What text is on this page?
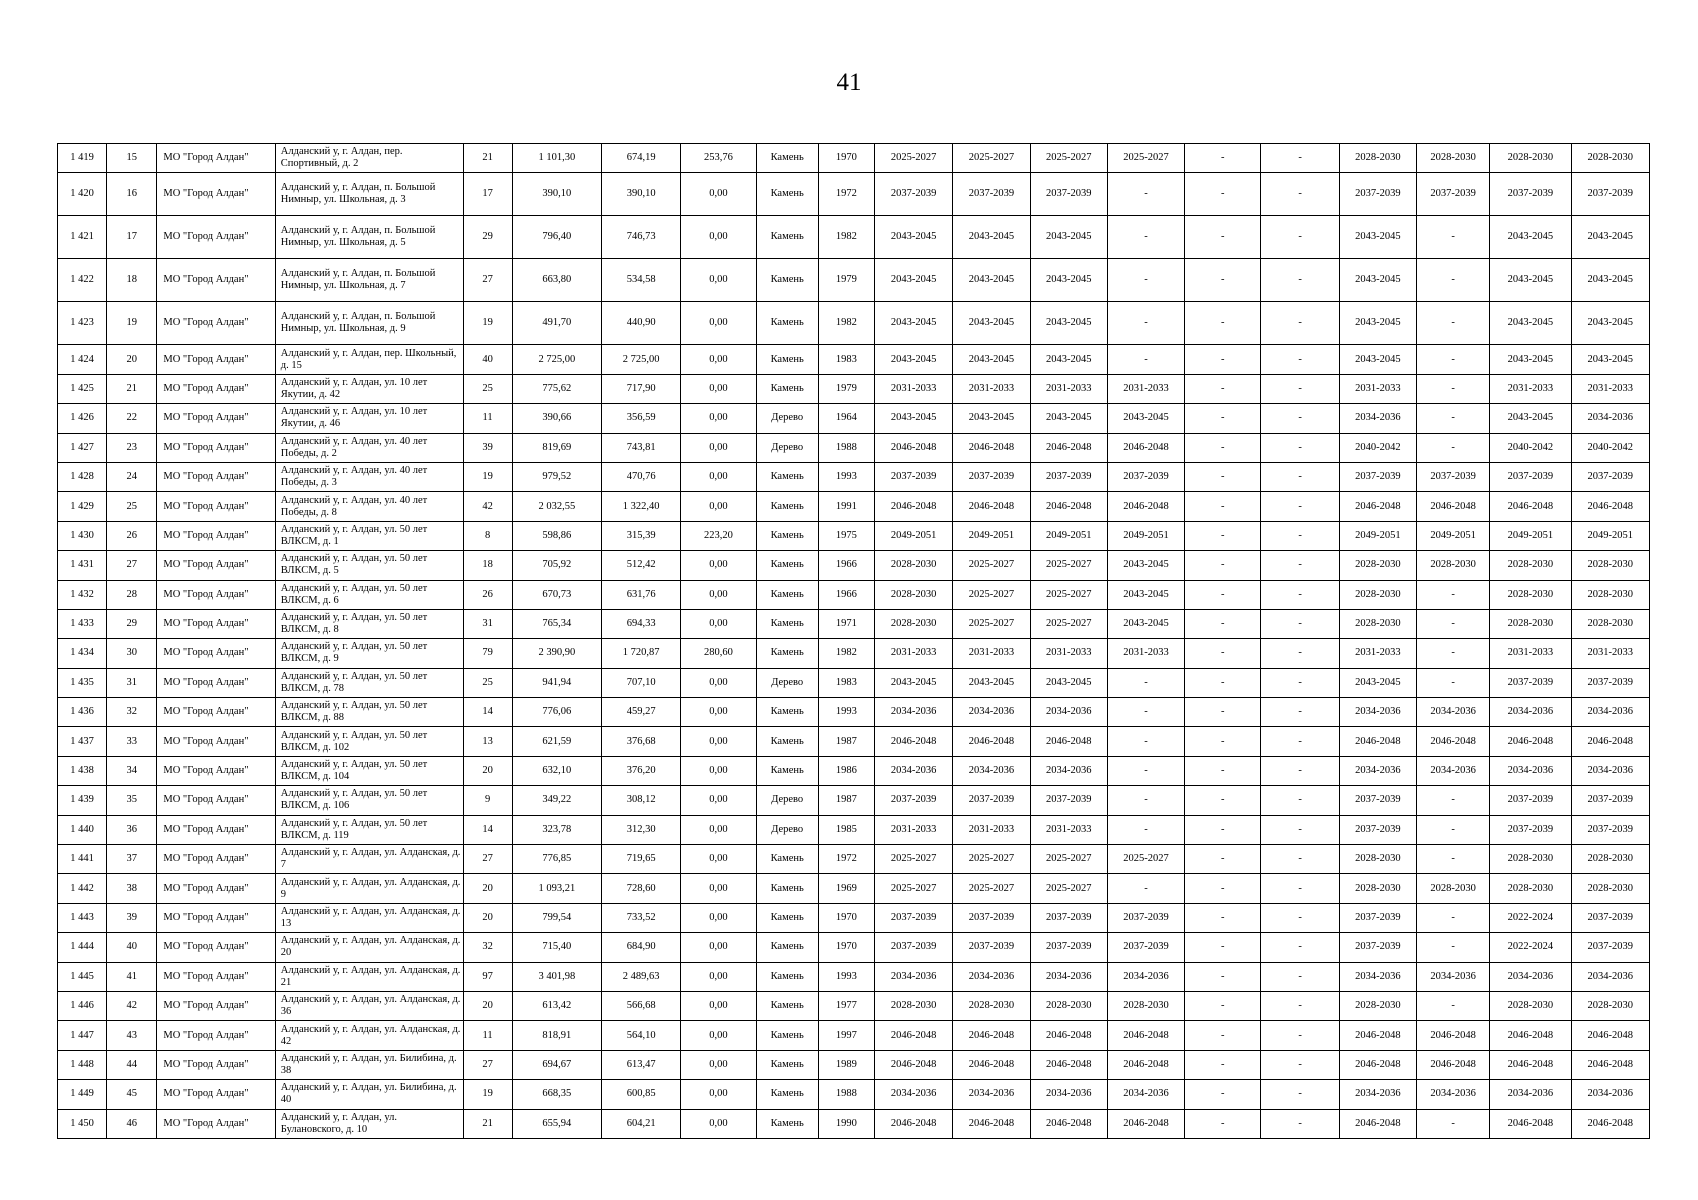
41
1 419	15	МО "Город Алдан"	Алданский у, г. Алдан, пер. Спортивный, д. 2	21	1 101,30	674,19	253,76	Камень	1970	2025-2027	2025-2027	2025-2027	2025-2027	-	-	2028-2030	2028-2030	2028-2030	2028-2030
1 420	16	МО "Город Алдан"	Алданский у, г. Алдан, п. Большой Нимныр, ул. Школьная, д. 3	17	390,10	390,10	0,00	Камень	1972	2037-2039	2037-2039	2037-2039	-	-	-	2037-2039	2037-2039	2037-2039	2037-2039
1 421	17	МО "Город Алдан"	Алданский у, г. Алдан, п. Большой Нимныр, ул. Школьная, д. 5	29	796,40	746,73	0,00	Камень	1982	2043-2045	2043-2045	2043-2045	-	-	-	2043-2045	-	2043-2045	2043-2045
1 422	18	МО "Город Алдан"	Алданский у, г. Алдан, п. Большой Нимныр, ул. Школьная, д. 7	27	663,80	534,58	0,00	Камень	1979	2043-2045	2043-2045	2043-2045	-	-	-	2043-2045	-	2043-2045	2043-2045
1 423	19	МО "Город Алдан"	Алданский у, г. Алдан, п. Большой Нимныр, ул. Школьная, д. 9	19	491,70	440,90	0,00	Камень	1982	2043-2045	2043-2045	2043-2045	-	-	-	2043-2045	-	2043-2045	2043-2045
1 424	20	МО "Город Алдан"	Алданский у, г. Алдан, пер. Школьный, д. 15	40	2 725,00	2 725,00	0,00	Камень	1983	2043-2045	2043-2045	2043-2045	-	-	-	2043-2045	-	2043-2045	2043-2045
1 425	21	МО "Город Алдан"	Алданский у, г. Алдан, ул. 10 лет Якутии, д. 42	25	775,62	717,90	0,00	Камень	1979	2031-2033	2031-2033	2031-2033	2031-2033	-	-	2031-2033	-	2031-2033	2031-2033
1 426	22	МО "Город Алдан"	Алданский у, г. Алдан, ул. 10 лет Якутии, д. 46	11	390,66	356,59	0,00	Дерево	1964	2043-2045	2043-2045	2043-2045	2043-2045	-	-	2034-2036	-	2043-2045	2034-2036
1 427	23	МО "Город Алдан"	Алданский у, г. Алдан, ул. 40 лет Победы, д. 2	39	819,69	743,81	0,00	Дерево	1988	2046-2048	2046-2048	2046-2048	2046-2048	-	-	2040-2042	-	2040-2042	2040-2042
1 428	24	МО "Город Алдан"	Алданский у, г. Алдан, ул. 40 лет Победы, д. 3	19	979,52	470,76	0,00	Камень	1993	2037-2039	2037-2039	2037-2039	2037-2039	-	-	2037-2039	2037-2039	2037-2039	2037-2039
1 429	25	МО "Город Алдан"	Алданский у, г. Алдан, ул. 40 лет Победы, д. 8	42	2 032,55	1 322,40	0,00	Камень	1991	2046-2048	2046-2048	2046-2048	2046-2048	-	-	2046-2048	2046-2048	2046-2048	2046-2048
1 430	26	МО "Город Алдан"	Алданский у, г. Алдан, ул. 50 лет ВЛКСМ, д. 1	8	598,86	315,39	223,20	Камень	1975	2049-2051	2049-2051	2049-2051	2049-2051	-	-	2049-2051	2049-2051	2049-2051	2049-2051
1 431	27	МО "Город Алдан"	Алданский у, г. Алдан, ул. 50 лет ВЛКСМ, д. 5	18	705,92	512,42	0,00	Камень	1966	2028-2030	2025-2027	2025-2027	2043-2045	-	-	2028-2030	2028-2030	2028-2030	2028-2030
1 432	28	МО "Город Алдан"	Алданский у, г. Алдан, ул. 50 лет ВЛКСМ, д. 6	26	670,73	631,76	0,00	Камень	1966	2028-2030	2025-2027	2025-2027	2043-2045	-	-	2028-2030	-	2028-2030	2028-2030
1 433	29	МО "Город Алдан"	Алданский у, г. Алдан, ул. 50 лет ВЛКСМ, д. 8	31	765,34	694,33	0,00	Камень	1971	2028-2030	2025-2027	2025-2027	2043-2045	-	-	2028-2030	-	2028-2030	2028-2030
1 434	30	МО "Город Алдан"	Алданский у, г. Алдан, ул. 50 лет ВЛКСМ, д. 9	79	2 390,90	1 720,87	280,60	Камень	1982	2031-2033	2031-2033	2031-2033	2031-2033	-	-	2031-2033	-	2031-2033	2031-2033
1 435	31	МО "Город Алдан"	Алданский у, г. Алдан, ул. 50 лет ВЛКСМ, д. 78	25	941,94	707,10	0,00	Дерево	1983	2043-2045	2043-2045	2043-2045	-	-	-	2043-2045	-	2037-2039	2037-2039
1 436	32	МО "Город Алдан"	Алданский у, г. Алдан, ул. 50 лет ВЛКСМ, д. 88	14	776,06	459,27	0,00	Камень	1993	2034-2036	2034-2036	2034-2036	-	-	-	2034-2036	2034-2036	2034-2036	2034-2036
1 437	33	МО "Город Алдан"	Алданский у, г. Алдан, ул. 50 лет ВЛКСМ, д. 102	13	621,59	376,68	0,00	Камень	1987	2046-2048	2046-2048	2046-2048	-	-	-	2046-2048	2046-2048	2046-2048	2046-2048
1 438	34	МО "Город Алдан"	Алданский у, г. Алдан, ул. 50 лет ВЛКСМ, д. 104	20	632,10	376,20	0,00	Камень	1986	2034-2036	2034-2036	2034-2036	-	-	-	2034-2036	2034-2036	2034-2036	2034-2036
1 439	35	МО "Город Алдан"	Алданский у, г. Алдан, ул. 50 лет ВЛКСМ, д. 106	9	349,22	308,12	0,00	Дерево	1987	2037-2039	2037-2039	2037-2039	-	-	-	2037-2039	-	2037-2039	2037-2039
1 440	36	МО "Город Алдан"	Алданский у, г. Алдан, ул. 50 лет ВЛКСМ, д. 119	14	323,78	312,30	0,00	Дерево	1985	2031-2033	2031-2033	2031-2033	-	-	-	2037-2039	-	2037-2039	2037-2039
1 441	37	МО "Город Алдан"	Алданский у, г. Алдан, ул. Алданская, д. 7	27	776,85	719,65	0,00	Камень	1972	2025-2027	2025-2027	2025-2027	2025-2027	-	-	2028-2030	-	2028-2030	2028-2030
1 442	38	МО "Город Алдан"	Алданский у, г. Алдан, ул. Алданская, д. 9	20	1 093,21	728,60	0,00	Камень	1969	2025-2027	2025-2027	2025-2027	-	-	-	2028-2030	2028-2030	2028-2030	2028-2030
1 443	39	МО "Город Алдан"	Алданский у, г. Алдан, ул. Алданская, д. 13	20	799,54	733,52	0,00	Камень	1970	2037-2039	2037-2039	2037-2039	2037-2039	-	-	2037-2039	-	2022-2024	2037-2039
1 444	40	МО "Город Алдан"	Алданский у, г. Алдан, ул. Алданская, д. 20	32	715,40	684,90	0,00	Камень	1970	2037-2039	2037-2039	2037-2039	2037-2039	-	-	2037-2039	-	2022-2024	2037-2039
1 445	41	МО "Город Алдан"	Алданский у, г. Алдан, ул. Алданская, д. 21	97	3 401,98	2 489,63	0,00	Камень	1993	2034-2036	2034-2036	2034-2036	2034-2036	-	-	2034-2036	2034-2036	2034-2036	2034-2036
1 446	42	МО "Город Алдан"	Алданский у, г. Алдан, ул. Алданская, д. 36	20	613,42	566,68	0,00	Камень	1977	2028-2030	2028-2030	2028-2030	2028-2030	-	-	2028-2030	-	2028-2030	2028-2030
1 447	43	МО "Город Алдан"	Алданский у, г. Алдан, ул. Алданская, д. 42	11	818,91	564,10	0,00	Камень	1997	2046-2048	2046-2048	2046-2048	2046-2048	-	-	2046-2048	2046-2048	2046-2048	2046-2048
1 448	44	МО "Город Алдан"	Алданский у, г. Алдан, ул. Билибина, д. 38	27	694,67	613,47	0,00	Камень	1989	2046-2048	2046-2048	2046-2048	2046-2048	-	-	2046-2048	2046-2048	2046-2048	2046-2048
1 449	45	МО "Город Алдан"	Алданский у, г. Алдан, ул. Билибина, д. 40	19	668,35	600,85	0,00	Камень	1988	2034-2036	2034-2036	2034-2036	2034-2036	-	-	2034-2036	2034-2036	2034-2036	2034-2036
1 450	46	МО "Город Алдан"	Алданский у, г. Алдан, ул. Булановского, д. 10	21	655,94	604,21	0,00	Камень	1990	2046-2048	2046-2048	2046-2048	2046-2048	-	-	2046-2048	-	2046-2048	2046-2048
